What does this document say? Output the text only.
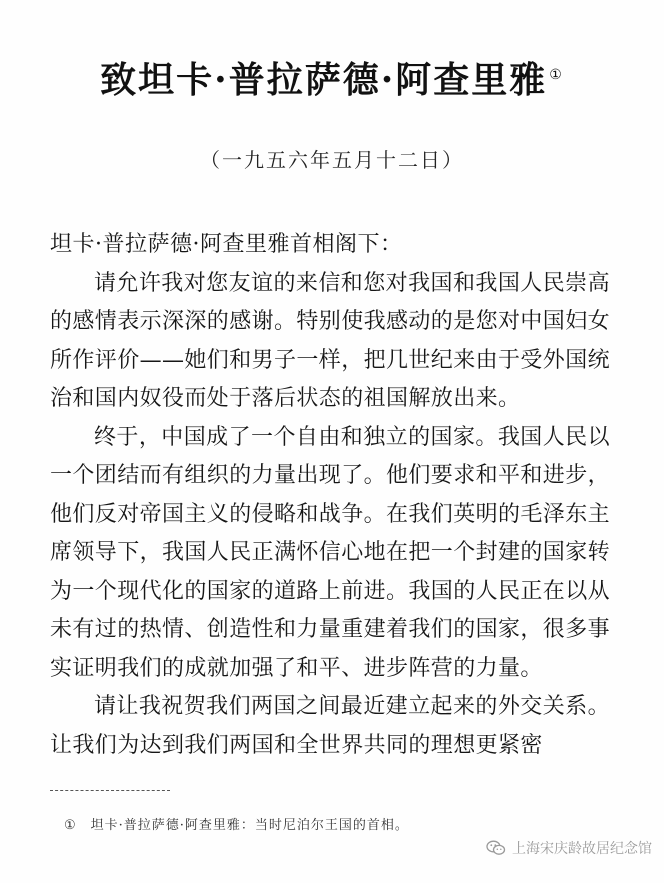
致坦卡·普拉萨德·阿查里雅 ①
（一九五六年五月十二日）
坦卡·普拉萨德·阿查里雅首相阁下：

请允许我对您友谊的来信和您对我国和我国人民崇高的感情表示深深的感谢。特别使我感动的是您对中国妇女所作评价——她们和男子一样，把几世纪来由于受外国统治和国内奴役而处于落后状态的祖国解放出来。

终于，中国成了一个自由和独立的国家。我国人民以一个团结而有组织的力量出现了。他们要求和平和进步，他们反对帝国主义的侵略和战争。在我们英明的毛泽东主席领导下，我国人民正满怀信心地在把一个封建的国家转为一个现代化的国家的道路上前进。我国的人民正在以从未有过的热情、创造性和力量重建着我们的国家，很多事实证明我们的成就加强了和平、进步阵营的力量。

请让我祝贺我们两国之间最近建立起来的外交关系。让我们为达到我们两国和全世界共同的理想更紧密

① 坦卡·普拉萨德·阿查里雅：当时尼泊尔王国的首相。
上海宋庆龄故居纪念馆
